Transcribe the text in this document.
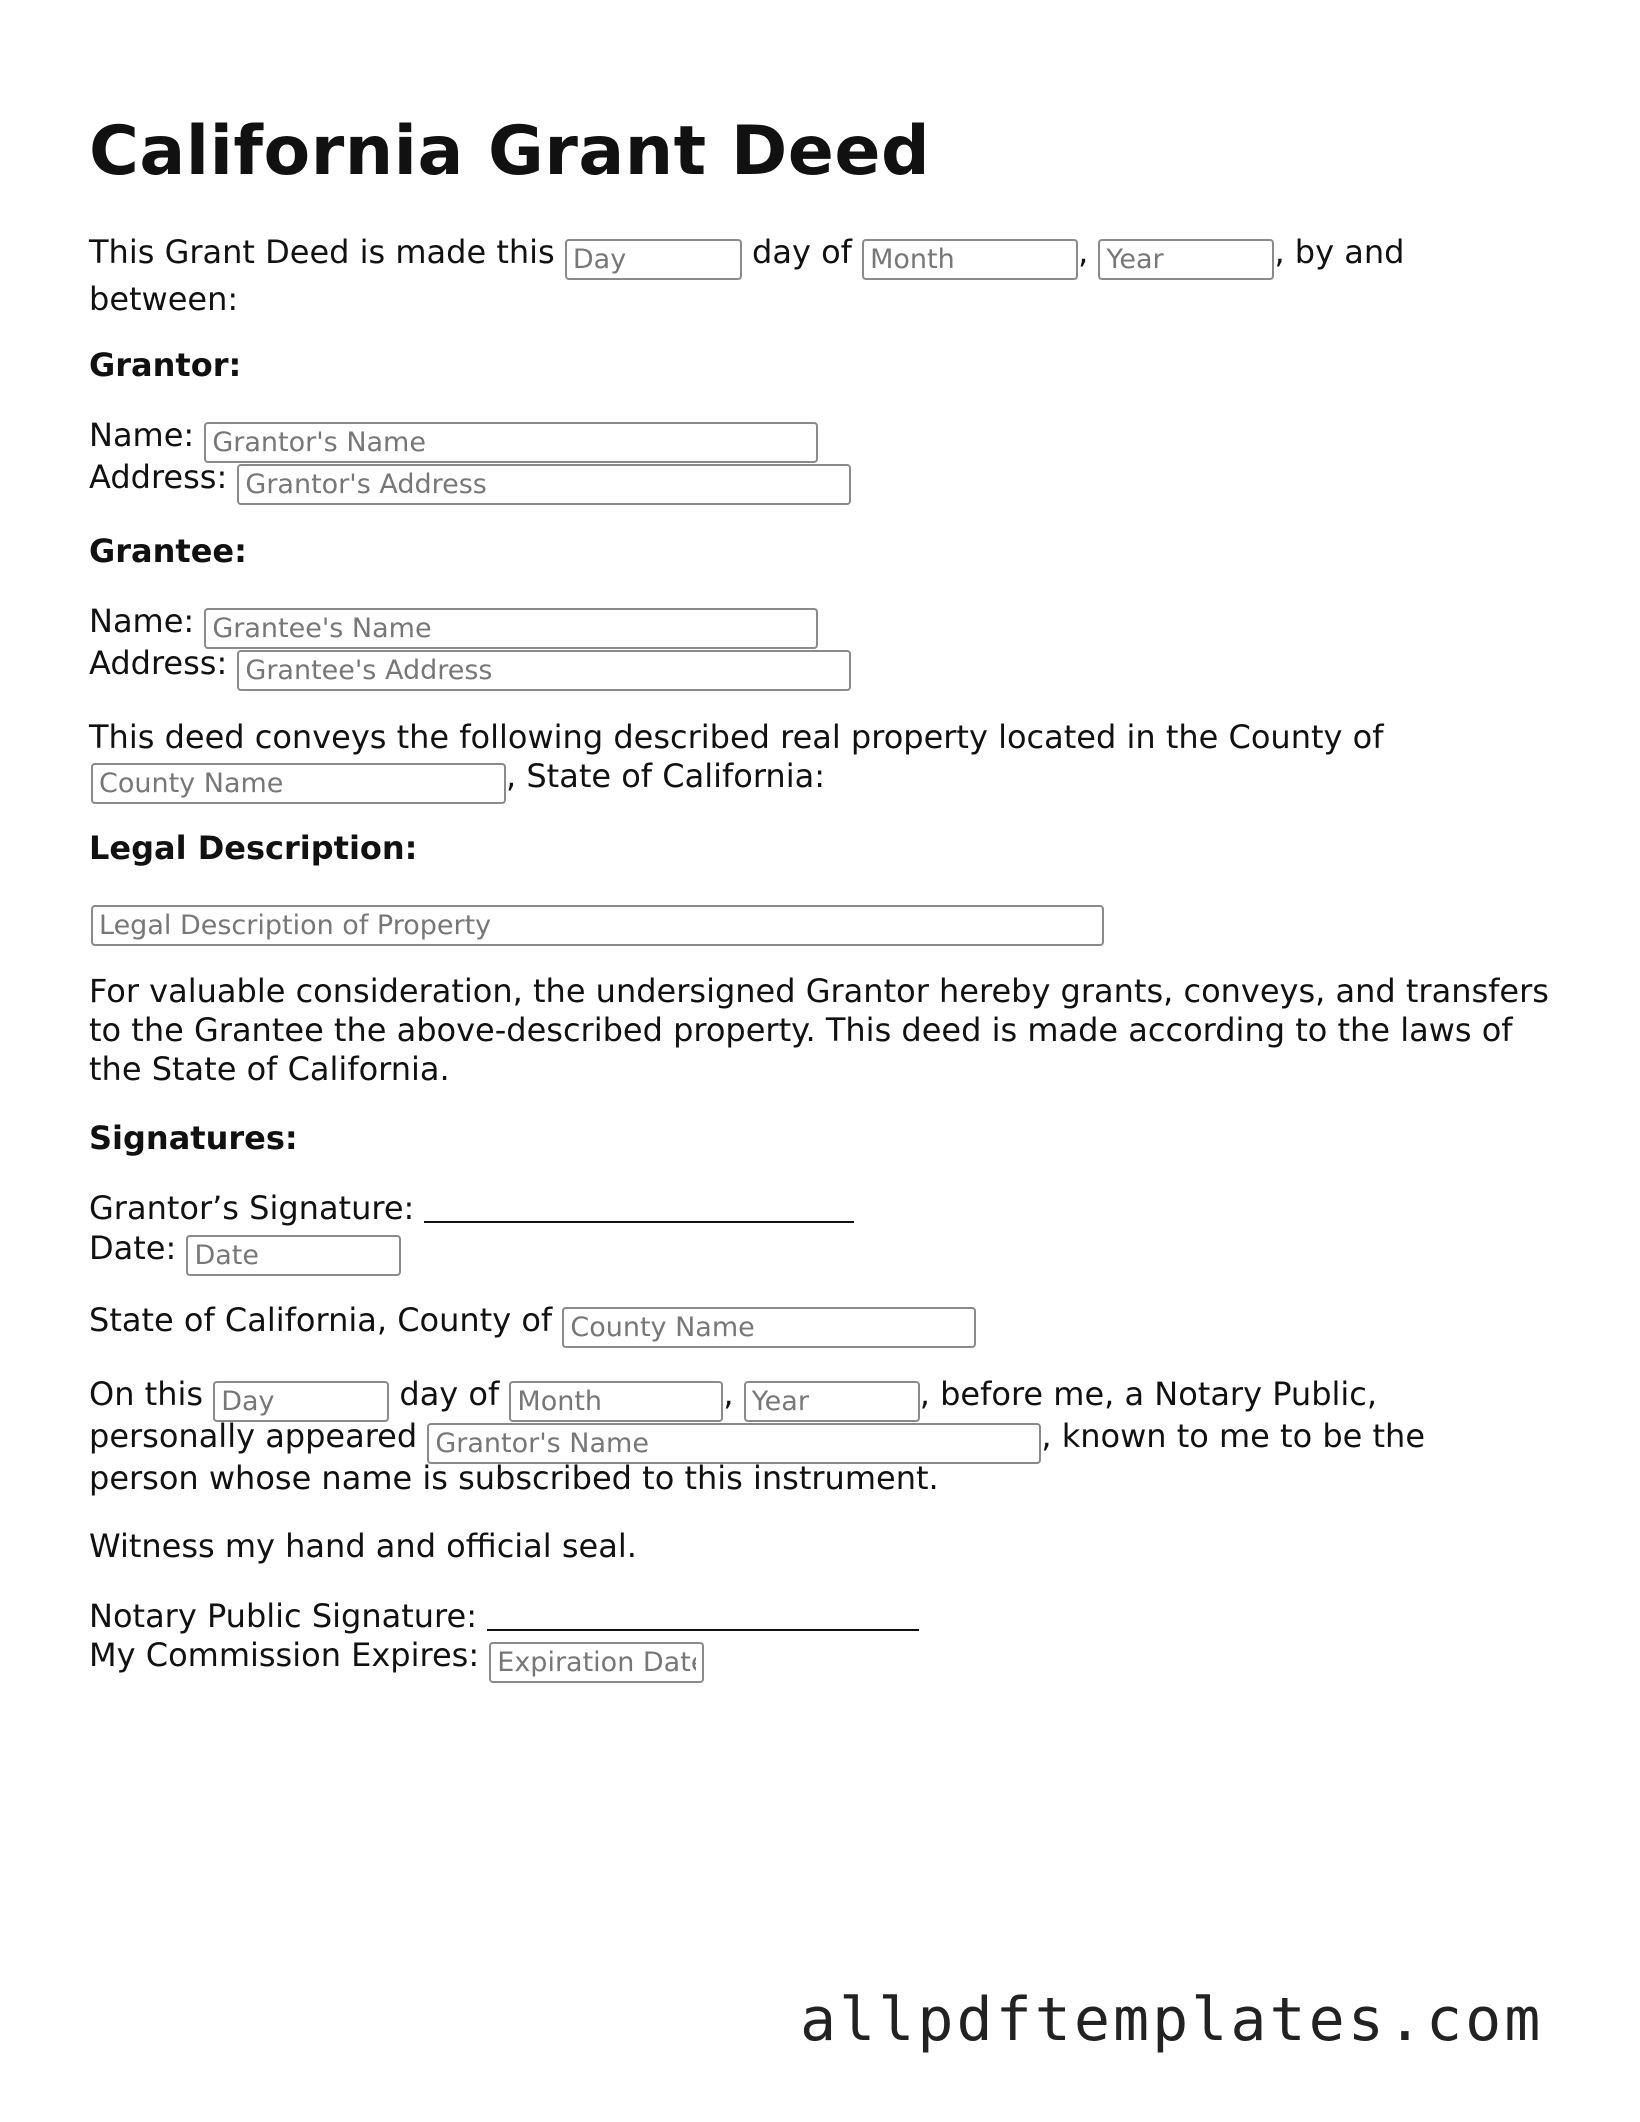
California Grant Deed
This Grant Deed is made this Day	day of Month	, Year	, by and
between:
Grantor:
Name: Grantor's Name
Address: Grantor's Address
Grantee:
Name: Grantee's Name
Address: Grantee's Address
This deed conveys the following described real property located in the County of
County Name, State of California:
Legal Description:
Legal Description of Property
For valuable consideration, the undersigned Grantor hereby grants, conveys, and transfers
to the Grantee the above-described property. This deed is made according to the laws of
the State of California.
Signatures:
Grantor’s Signature:
Date: Date
State of California, County of County Name
On this Day	day of Month	, Year	, before me, a Notary Public,
personally appeared Grantor's Name	, known to me to be the
person whose name is subscribed to this instrument.
Witness my hand and official seal.
Notary Public Signature:
My Commission Expires: Expiration Date
allpdftemplates.com
